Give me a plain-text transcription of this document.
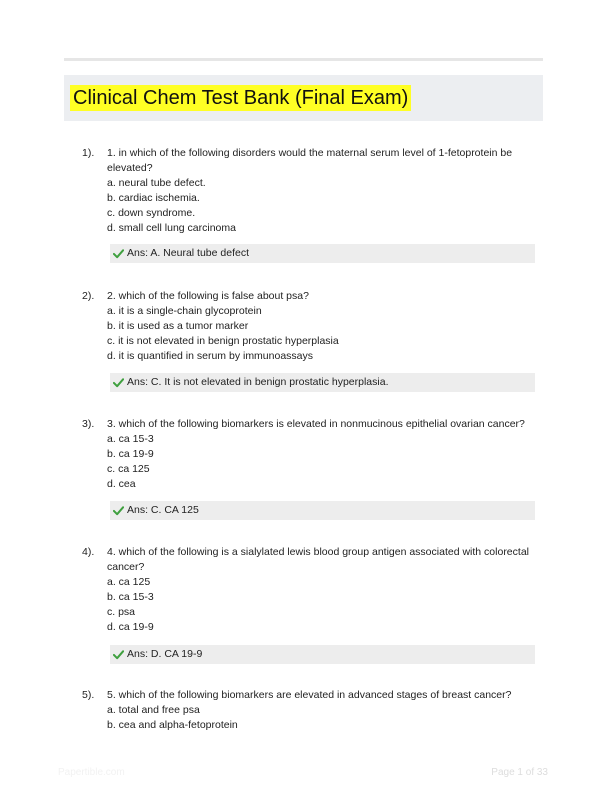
Clinical Chem Test Bank (Final Exam)
1). 1. in which of the following disorders would the maternal serum level of 1-fetoprotein be elevated?
a. neural tube defect.
b. cardiac ischemia.
c. down syndrome.
d. small cell lung carcinoma
Ans: A. Neural tube defect
2). 2. which of the following is false about psa?
a. it is a single-chain glycoprotein
b. it is used as a tumor marker
c. it is not elevated in benign prostatic hyperplasia
d. it is quantified in serum by immunoassays
Ans: C. It is not elevated in benign prostatic hyperplasia.
3). 3. which of the following biomarkers is elevated in nonmucinous epithelial ovarian cancer?
a. ca 15-3
b. ca 19-9
c. ca 125
d. cea
Ans: C. CA 125
4). 4. which of the following is a sialylated lewis blood group antigen associated with colorectal cancer?
a. ca 125
b. ca 15-3
c. psa
d. ca 19-9
Ans: D. CA 19-9
5). 5. which of the following biomarkers are elevated in advanced stages of breast cancer?
a. total and free psa
b. cea and alpha-fetoprotein
Papertible.com	Page 1 of 33
